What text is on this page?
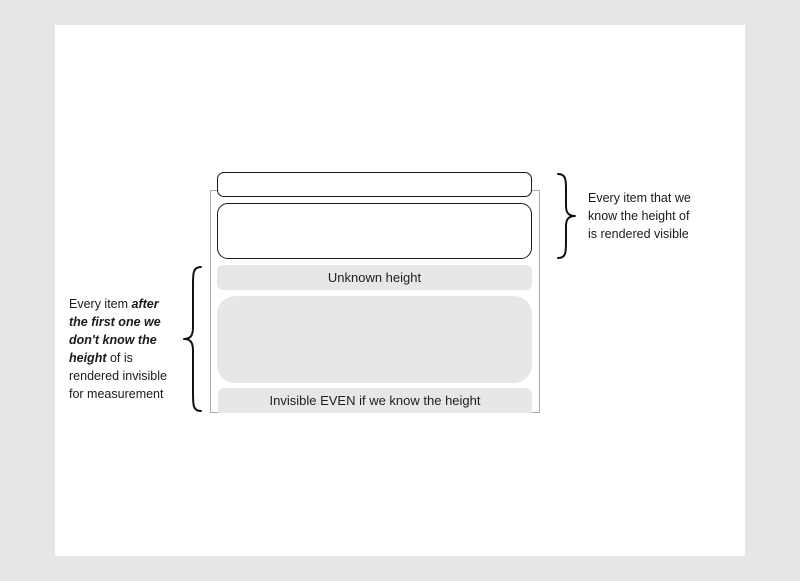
Unknown height
Invisible EVEN if we know the height
Every item that we
know the height of
is rendered visible
Every item after
the first one we
don't know the
height of is
rendered invisible
for measurement
